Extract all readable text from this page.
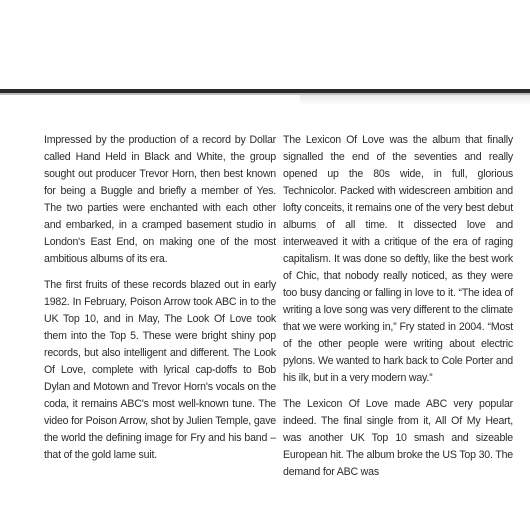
Impressed by the production of a record by Dollar called Hand Held in Black and White, the group sought out producer Trevor Horn, then best known for being a Buggle and briefly a member of Yes. The two parties were enchanted with each other and embarked, in a cramped basement studio in London's East End, on making one of the most ambitious albums of its era.

The first fruits of these records blazed out in early 1982. In February, Poison Arrow took ABC in to the UK Top 10, and in May, The Look Of Love took them into the Top 5. These were bright shiny pop records, but also intelligent and different. The Look Of Love, complete with lyrical cap-doffs to Bob Dylan and Motown and Trevor Horn's vocals on the coda, it remains ABC's most well-known tune. The video for Poison Arrow, shot by Julien Temple, gave the world the defining image for Fry and his band – that of the gold lame suit.

The Lexicon Of Love was the album that finally signalled the end of the seventies and really opened up the 80s wide, in full, glorious Technicolor. Packed with widescreen ambition and lofty conceits, it remains one of the very best debut albums of all time. It dissected love and interweaved it with a critique of the era of raging capitalism. It was done so deftly, like the best work of Chic, that nobody really noticed, as they were too busy dancing or falling in love to it. “The idea of writing a love song was very different to the climate that we were working in,” Fry stated in 2004. “Most of the other people were writing about electric pylons. We wanted to hark back to Cole Porter and his ilk, but in a very modern way.”

The Lexicon Of Love made ABC very popular indeed. The final single from it, All Of My Heart, was another UK Top 10 smash and sizeable European hit. The album broke the US Top 30. The demand for ABC was
